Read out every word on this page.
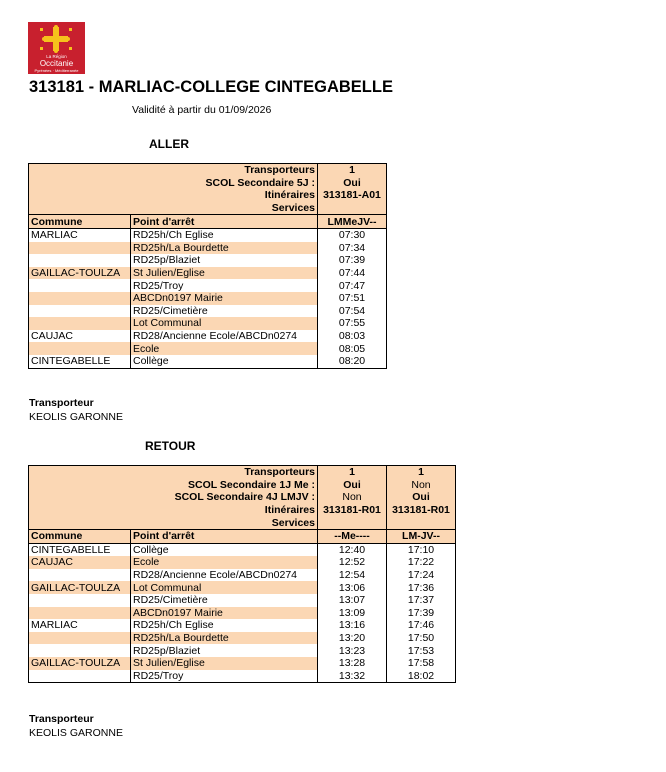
La Région
Occitanie
Pyrénées · Méditerranée
313181 - MARLIAC-COLLEGE CINTEGABELLE
Validité à partir du 01/09/2026
ALLER
Transporteurs		1
SCOL Secondaire 5J :		Oui
Itinéraires		313181-A01
Services		
Commune	Point d'arrêt	LMMeJV--
MARLIAC	RD25h/Ch Eglise	07:30
	RD25h/La Bourdette	07:34
	RD25p/Blaziet	07:39
GAILLAC-TOULZA	St Julien/Eglise	07:44
	RD25/Troy	07:47
	ABCDn0197 Mairie	07:51
	RD25/Cimetière	07:54
	Lot Communal	07:55
CAUJAC	RD28/Ancienne Ecole/ABCDn0274	08:03
	Ecole	08:05
CINTEGABELLE	Collège	08:20
Transporteur
KEOLIS GARONNE
RETOUR
Transporteurs		1	1
SCOL Secondaire 1J Me :		Oui	Non
SCOL Secondaire 4J LMJV :		Non	Oui
Itinéraires		313181-R01	313181-R01
Services			
Commune	Point d'arrêt	--Me----	LM-JV--
CINTEGABELLE	Collège	12:40	17:10
CAUJAC	Ecole	12:52	17:22
	RD28/Ancienne Ecole/ABCDn0274	12:54	17:24
GAILLAC-TOULZA	Lot Communal	13:06	17:36
	RD25/Cimetière	13:07	17:37
	ABCDn0197 Mairie	13:09	17:39
MARLIAC	RD25h/Ch Eglise	13:16	17:46
	RD25h/La Bourdette	13:20	17:50
	RD25p/Blaziet	13:23	17:53
GAILLAC-TOULZA	St Julien/Eglise	13:28	17:58
	RD25/Troy	13:32	18:02
Transporteur
KEOLIS GARONNE
